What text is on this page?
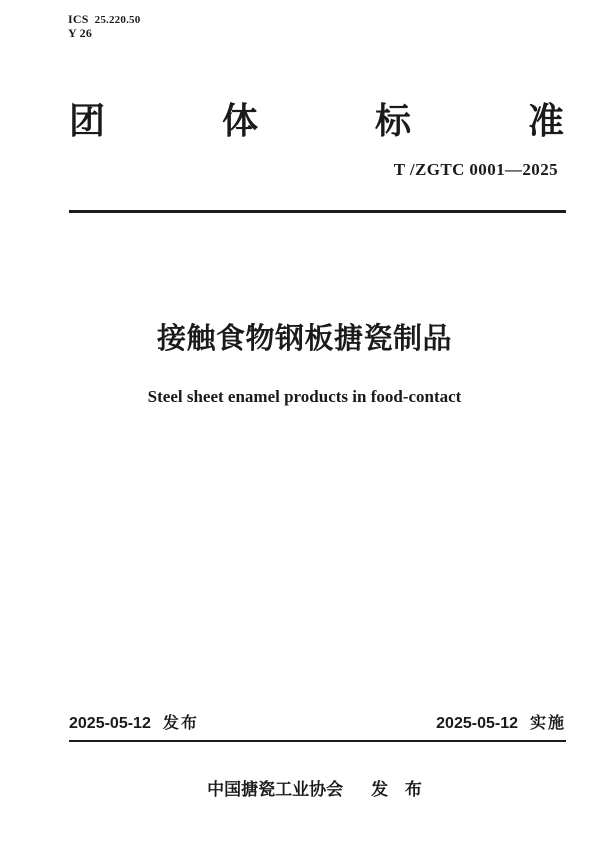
ICS 25.220.50
Y 26
团	体	标	准
T /ZGTC 0001—2025
接触食物钢板搪瓷制品
Steel sheet enamel products in food-contact
2025-05-12 发布	2025-05-12 实施
中国搪瓷工业协会 发 布
